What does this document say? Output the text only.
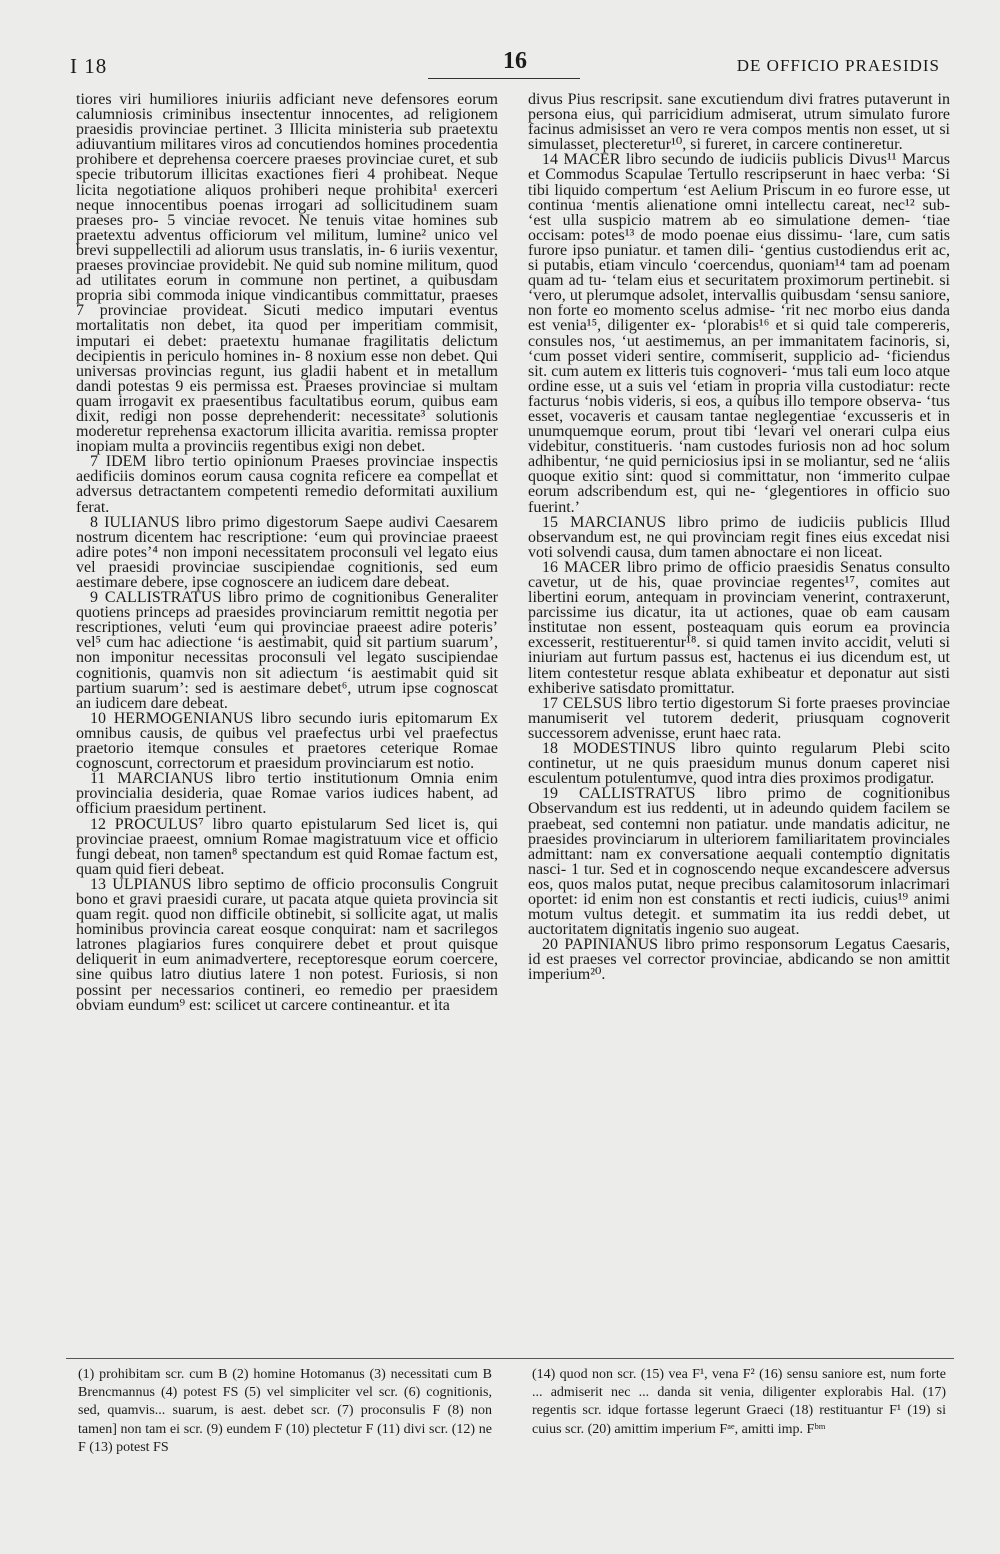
I 18	16	DE OFFICIO PRAESIDIS

tiores viri humiliores iniuriis adficiant neve defensores eorum calumniosis criminibus insectentur innocentes, ad religionem praesidis provinciae pertinet. 3 Illicita ministeria sub praetextu adiuvantium militares viros ad concutiendos homines procedentia prohibere et deprehensa coercere praeses provinciae curet, et sub specie tributorum illicitas exactiones fieri 4 prohibeat. Neque licita negotiatione aliquos prohiberi neque prohibita¹ exerceri neque innocentibus poenas irrogari ad sollicitudinem suam praeses pro- 5 vinciae revocet. Ne tenuis vitae homines sub praetextu adventus officiorum vel militum, lumine² unico vel brevi suppellectili ad aliorum usus translatis, in- 6 iuriis vexentur, praeses provinciae providebit. Ne quid sub nomine militum, quod ad utilitates eorum in commune non pertinet, a quibusdam propria sibi commoda inique vindicantibus committatur, praeses 7 provinciae provideat. Sicuti medico imputari eventus mortalitatis non debet, ita quod per imperitiam commisit, imputari ei debet: praetextu humanae fragilitatis delictum decipientis in periculo homines in- 8 noxium esse non debet. Qui universas provincias regunt, ius gladii habent et in metallum dandi potestas 9 eis permissa est. Praeses provinciae si multam quam irrogavit ex praesentibus facultatibus eorum, quibus eam dixit, redigi non posse deprehenderit: necessitate³ solutionis moderetur reprehensa exactorum illicita avaritia. remissa propter inopiam multa a provinciis regentibus exigi non debet.

7 IDEM libro tertio opinionum Praeses provinciae inspectis aedificiis dominos eorum causa cognita reficere ea compellat et adversus detractantem competenti remedio deformitati auxilium ferat.

8 IULIANUS libro primo digestorum Saepe audivi Caesarem nostrum dicentem hac rescriptione: ‘eum qui provinciae praeest adire potes’⁴ non imponi necessitatem proconsuli vel legato eius vel praesidi provinciae suscipiendae cognitionis, sed eum aestimare debere, ipse cognoscere an iudicem dare debeat.

9 CALLISTRATUS libro primo de cognitionibus Generaliter quotiens princeps ad praesides provinciarum remittit negotia per rescriptiones, veluti ‘eum qui provinciae praeest adire poteris’ vel⁵ cum hac adiectione ‘is aestimabit, quid sit partium suarum’, non imponitur necessitas proconsuli vel legato suscipiendae cognitionis, quamvis non sit adiectum ‘is aestimabit quid sit partium suarum’: sed is aestimare debet⁶, utrum ipse cognoscat an iudicem dare debeat.

10 HERMOGENIANUS libro secundo iuris epitomarum Ex omnibus causis, de quibus vel praefectus urbi vel praefectus praetorio itemque consules et praetores ceterique Romae cognoscunt, correctorum et praesidum provinciarum est notio.

11 MARCIANUS libro tertio institutionum Omnia enim provincialia desideria, quae Romae varios iudices habent, ad officium praesidum pertinent.

12 PROCULUS⁷ libro quarto epistularum Sed licet is, qui provinciae praeest, omnium Romae magistratuum vice et officio fungi debeat, non tamen⁸ spectandum est quid Romae factum est, quam quid fieri debeat.

13 ULPIANUS libro septimo de officio proconsulis Congruit bono et gravi praesidi curare, ut pacata atque quieta provincia sit quam regit. quod non difficile obtinebit, si sollicite agat, ut malis hominibus provincia careat eosque conquirat: nam et sacrilegos latrones plagiarios fures conquirere debet et prout quisque deliquerit in eum animadvertere, receptoresque eorum coercere, sine quibus latro diutius latere 1 non potest. Furiosis, si non possint per necessarios contineri, eo remedio per praesidem obviam eundum⁹ est: scilicet ut carcere contineantur. et ita

divus Pius rescripsit. sane excutiendum divi fratres putaverunt in persona eius, qui parricidium admiserat, utrum simulato furore facinus admisisset an vero re vera compos mentis non esset, ut si simulasset, plecteretur¹⁰, si fureret, in carcere contineretur.

14 MACER libro secundo de iudiciis publicis Divus¹¹ Marcus et Commodus Scapulae Tertullo rescripserunt in haec verba: ‘Si tibi liquido compertum ‘est Aelium Priscum in eo furore esse, ut continua ‘mentis alienatione omni intellectu careat, nec¹² sub- ‘est ulla suspicio matrem ab eo simulatione demen- ‘tiae occisam: potes¹³ de modo poenae eius dissimu- ‘lare, cum satis furore ipso puniatur. et tamen dili- ‘gentius custodiendus erit ac, si putabis, etiam vinculo ‘coercendus, quoniam¹⁴ tam ad poenam quam ad tu- ‘telam eius et securitatem proximorum pertinebit. si ‘vero, ut plerumque adsolet, intervallis quibusdam ‘sensu saniore, non forte eo momento scelus admise- ‘rit nec morbo eius danda est venia¹⁵, diligenter ex- ‘plorabis¹⁶ et si quid tale compereris, consules nos, ‘ut aestimemus, an per immanitatem facinoris, si, ‘cum posset videri sentire, commiserit, supplicio ad- ‘ficiendus sit. cum autem ex litteris tuis cognoveri- ‘mus tali eum loco atque ordine esse, ut a suis vel ‘etiam in propria villa custodiatur: recte facturus ‘nobis videris, si eos, a quibus illo tempore observa- ‘tus esset, vocaveris et causam tantae neglegentiae ‘excusseris et in unumquemque eorum, prout tibi ‘levari vel onerari culpa eius videbitur, constitueris. ‘nam custodes furiosis non ad hoc solum adhibentur, ‘ne quid perniciosius ipsi in se moliantur, sed ne ‘aliis quoque exitio sint: quod si committatur, non ‘immerito culpae eorum adscribendum est, qui ne- ‘glegentiores in officio suo fuerint.’

15 MARCIANUS libro primo de iudiciis publicis Illud observandum est, ne qui provinciam regit fines eius excedat nisi voti solvendi causa, dum tamen abnoctare ei non liceat.

16 MACER libro primo de officio praesidis Senatus consulto cavetur, ut de his, quae provinciae regentes¹⁷, comites aut libertini eorum, antequam in provinciam venerint, contraxerunt, parcissime ius dicatur, ita ut actiones, quae ob eam causam institutae non essent, posteaquam quis eorum ea provincia excesserit, restituerentur¹⁸. si quid tamen invito accidit, veluti si iniuriam aut furtum passus est, hactenus ei ius dicendum est, ut litem contestetur resque ablata exhibeatur et deponatur aut sisti exhiberive satisdato promittatur.

17 CELSUS libro tertio digestorum Si forte praeses provinciae manumiserit vel tutorem dederit, priusquam cognoverit successorem advenisse, erunt haec rata.

18 MODESTINUS libro quinto regularum Plebi scito continetur, ut ne quis praesidum munus donum caperet nisi esculentum potulentumve, quod intra dies proximos prodigatur.

19 CALLISTRATUS libro primo de cognitionibus Observandum est ius reddenti, ut in adeundo quidem facilem se praebeat, sed contemni non patiatur. unde mandatis adicitur, ne praesides provinciarum in ulteriorem familiaritatem provinciales admittant: nam ex conversatione aequali contemptio dignitatis nasci- 1 tur. Sed et in cognoscendo neque excandescere adversus eos, quos malos putat, neque precibus calamitosorum inlacrimari oportet: id enim non est constantis et recti iudicis, cuius¹⁹ animi motum vultus detegit. et summatim ita ius reddi debet, ut auctoritatem dignitatis ingenio suo augeat.

20 PAPINIANUS libro primo responsorum Legatus Caesaris, id est praeses vel corrector provinciae, abdicando se non amittit imperium²⁰.

(1) prohibitam scr. cum B (2) homine Hotomanus (3) necessitati cum B Brencmannus (4) potest FS (5) vel simpliciter vel scr. (6) cognitionis, sed, quamvis... suarum, is aest. debet scr. (7) proconsulis F (8) non tamen] non tam ei scr. (9) eundem F (10) plectetur F (11) divi scr. (12) ne F (13) potest FS
(14) quod non scr. (15) vea F¹, vena F² (16) sensu saniore est, num forte ... admiserit nec ... danda sit venia, diligenter explorabis Hal. (17) regentis scr. idque fortasse legerunt Graeci (18) restituantur F¹ (19) si cuius scr. (20) amittim imperium Fᵃᵉ, amitti imp. Fᵇᵐ
